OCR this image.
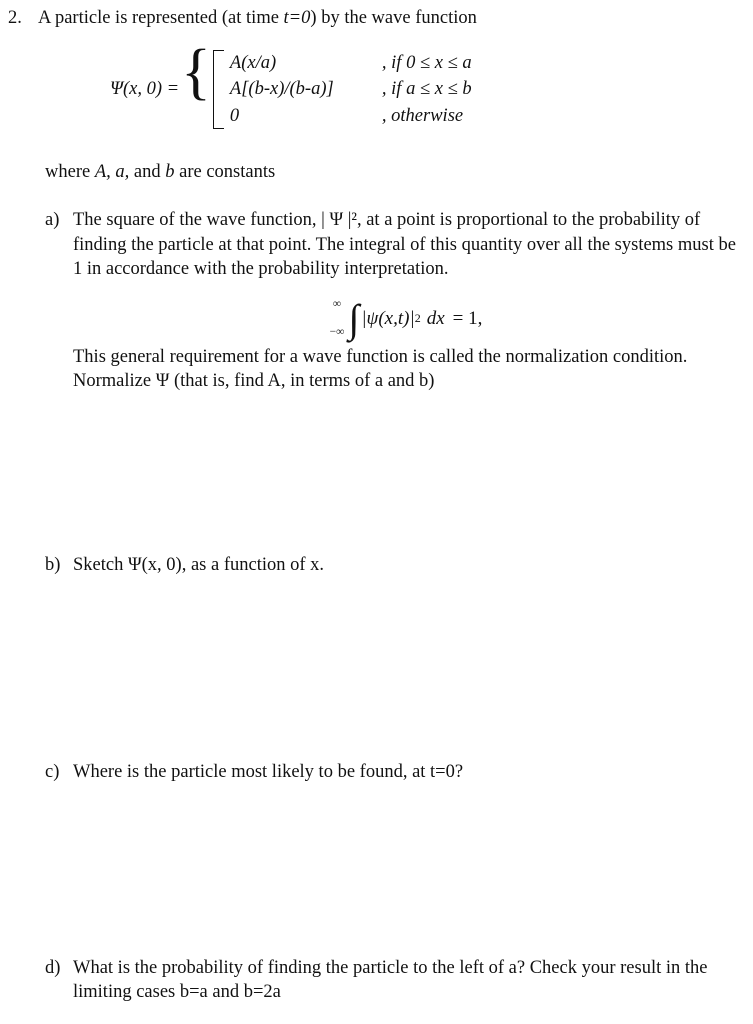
2. A particle is represented (at time t=0) by the wave function
Ψ(x, 0) = { A(x/a)	, if 0 ≤ x ≤ a
A[(b-x)/(b-a)]	, if a ≤ x ≤ b
0	, otherwise
where A, a, and b are constants
a) The square of the wave function, | Ψ |², at a point is proportional to the probability of finding the particle at that point. The integral of this quantity over all the systems must be 1 in accordance with the probability interpretation.
∞
−∞ ∫ |ψ(x,t)| 2 dx = 1,
This general requirement for a wave function is called the normalization condition. Normalize Ψ (that is, find A, in terms of a and b)
b) Sketch Ψ(x, 0), as a function of x.
c) Where is the particle most likely to be found, at t=0?
d) What is the probability of finding the particle to the left of a? Check your result in the limiting cases b=a and b=2a
